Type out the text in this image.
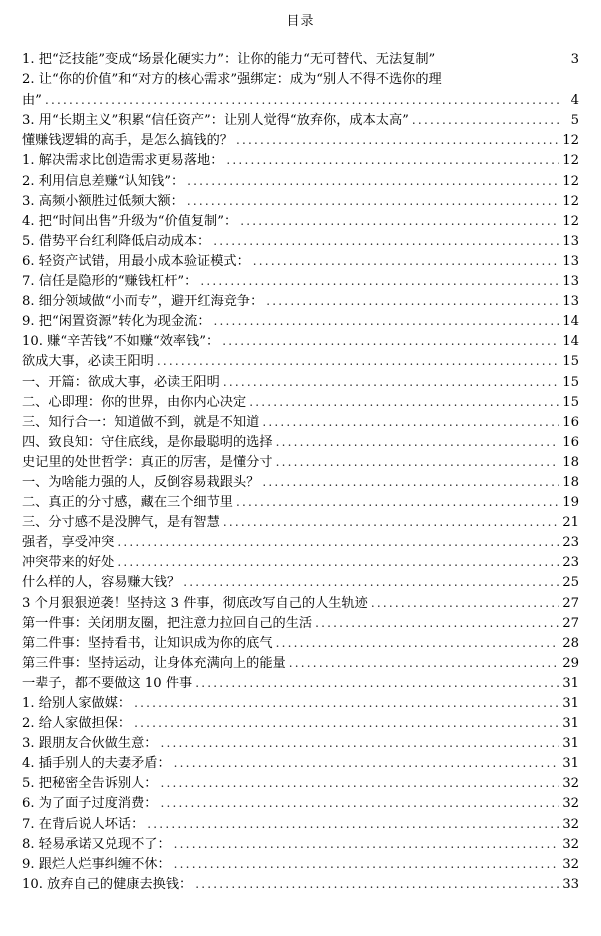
目录
1. 把“泛技能”变成“场景化硬实力”：让你的能力“无可替代、无法复制”	3
2. 让“你的价值”和“对方的核心需求”强绑定：成为“别人不得不选你的理
由” .....	4
3. 用“长期主义”积累“信任资产”：让别人觉得“放弃你，成本太高” .....	5
懂赚钱逻辑的高手，是怎么搞钱的？ .....	12
1. 解决需求比创造需求更易落地： .....	12
2. 利用信息差赚“认知钱”： .....	12
3. 高频小额胜过低频大额： .....	12
4. 把“时间出售”升级为“价值复制”： .....	12
5. 借势平台红利降低启动成本： .....	13
6. 轻资产试错，用最小成本验证模式： .....	13
7. 信任是隐形的“赚钱杠杆”： .....	13
8. 细分领域做“小而专”，避开红海竞争： .....	13
9. 把“闲置资源”转化为现金流： .....	14
10. 赚“辛苦钱”不如赚“效率钱”： .....	14
欲成大事，必读王阳明 .....	15
一、开篇：欲成大事，必读王阳明 .....	15
二、心即理：你的世界，由你内心决定 .....	15
三、知行合一：知道做不到，就是不知道 .....	16
四、致良知：守住底线，是你最聪明的选择 .....	16
史记里的处世哲学：真正的厉害，是懂分寸 .....	18
一、为啥能力强的人，反倒容易栽跟头？ .....	18
二、真正的分寸感，藏在三个细节里 .....	19
三、分寸感不是没脾气，是有智慧 .....	21
强者，享受冲突 .....	23
冲突带来的好处 .....	23
什么样的人，容易赚大钱？ .....	25
3 个月狠狠逆袭！坚持这 3 件事，彻底改写自己的人生轨迹 .....	27
第一件事：关闭朋友圈，把注意力拉回自己的生活 .....	27
第二件事：坚持看书，让知识成为你的底气 .....	28
第三件事：坚持运动，让身体充满向上的能量 .....	29
一辈子，都不要做这 10 件事 .....	31
1. 给别人家做媒： .....	31
2. 给人家做担保： .....	31
3. 跟朋友合伙做生意： .....	31
4. 插手别人的夫妻矛盾： .....	31
5. 把秘密全告诉别人： .....	32
6. 为了面子过度消费： .....	32
7. 在背后说人坏话： .....	32
8. 轻易承诺又兑现不了： .....	32
9. 跟烂人烂事纠缠不休： .....	32
10. 放弃自己的健康去换钱： .....	33
